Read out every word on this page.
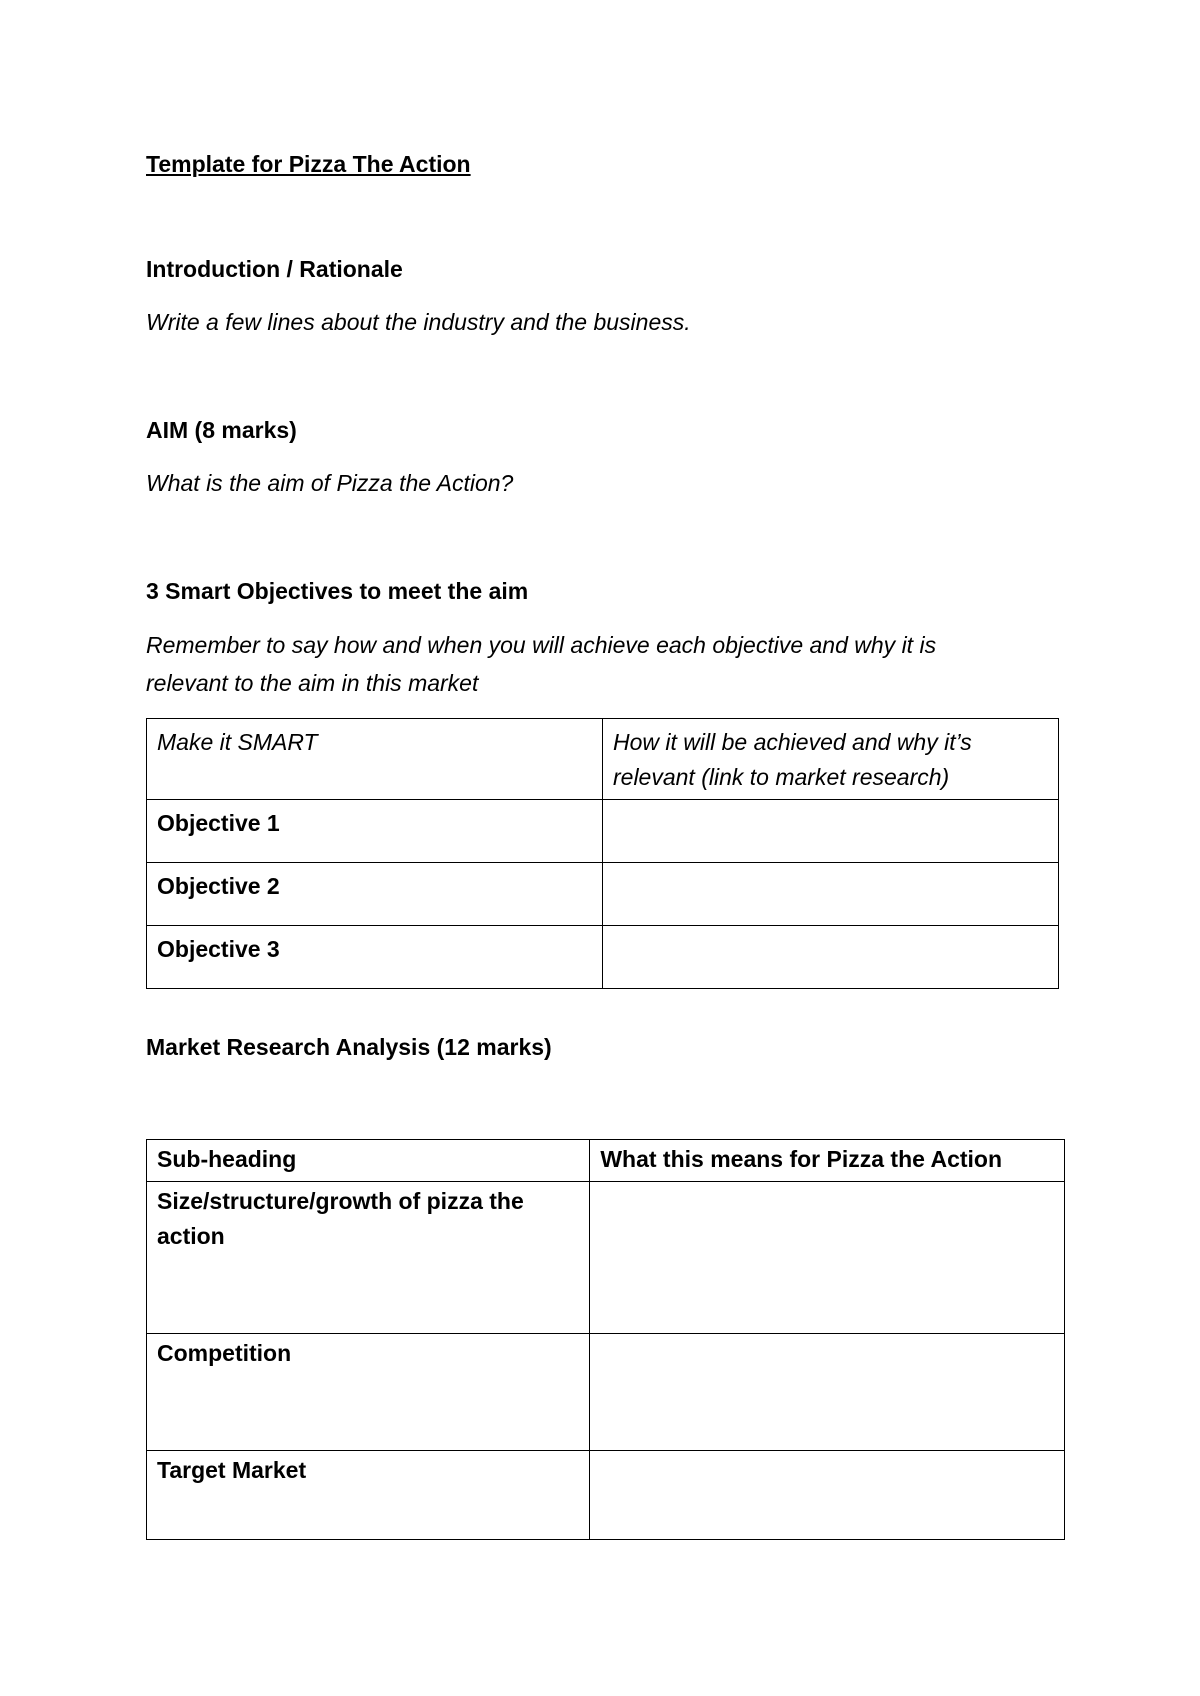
Template for Pizza The Action
Introduction / Rationale
Write a few lines about the industry and the business.
AIM (8 marks)
What is the aim of Pizza the Action?
3 Smart Objectives to meet the aim
Remember to say how and when you will achieve each objective and why it is
relevant to the aim in this market
Make it SMART	How it will be achieved and why it’s relevant (link to market research)
Objective 1	
Objective 2	
Objective 3	
Market Research Analysis (12 marks)
Sub-heading	What this means for Pizza the Action
Size/structure/growth of pizza the action	
Competition	
Target Market	
